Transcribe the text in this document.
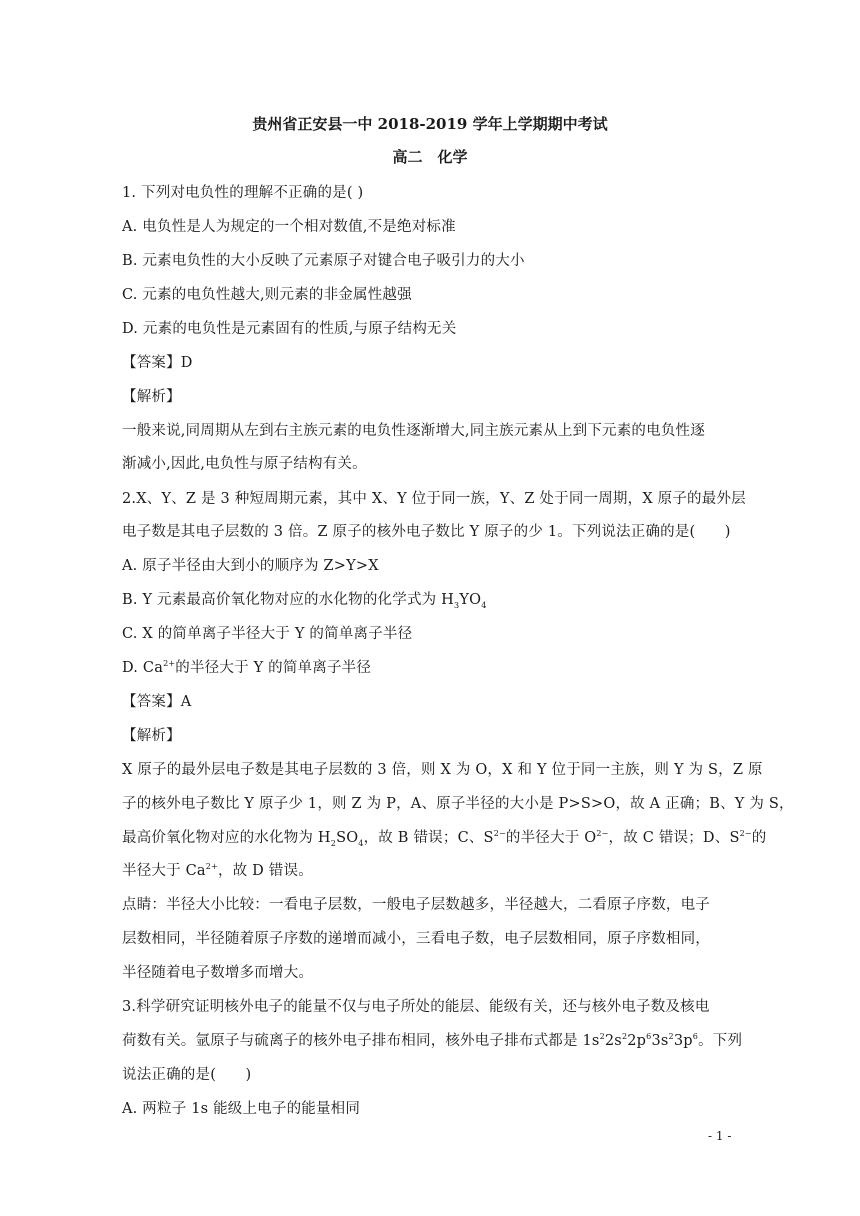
贵州省正安县一中 2018-2019 学年上学期期中考试
高二　化学
1. 下列对电负性的理解不正确的是( )
A. 电负性是人为规定的一个相对数值,不是绝对标准
B. 元素电负性的大小反映了元素原子对键合电子吸引力的大小
C. 元素的电负性越大,则元素的非金属性越强
D. 元素的电负性是元素固有的性质,与原子结构无关
【答案】D
【解析】
一般来说,同周期从左到右主族元素的电负性逐渐增大,同主族元素从上到下元素的电负性逐
渐减小,因此,电负性与原子结构有关。
2.X、Y、Z 是 3 种短周期元素，其中 X、Y 位于同一族，Y、Z 处于同一周期，X 原子的最外层
电子数是其电子层数的 3 倍。Z 原子的核外电子数比 Y 原子的少 1。下列说法正确的是(　　)
A. 原子半径由大到小的顺序为 Z>Y>X
B. Y 元素最高价氧化物对应的水化物的化学式为 $H_3YO_4$
C. X 的简单离子半径大于 Y 的简单离子半径
D. $Ca^{2+}$的半径大于 Y 的简单离子半径
【答案】A
【解析】
X 原子的最外层电子数是其电子层数的 3 倍，则 X 为 O，X 和 Y 位于同一主族，则 Y 为 S，Z 原
子的核外电子数比 Y 原子少 1，则 Z 为 P，A、原子半径的大小是 P>S>O，故 A 正确；B、Y 为 S，
最高价氧化物对应的水化物为 $H_2SO_4$，故 B 错误；C、$S^{2-}$的半径大于 $O^{2-}$，故 C 错误；D、$S^{2-}$的
半径大于 $Ca^{2+}$，故 D 错误。
点睛：半径大小比较：一看电子层数，一般电子层数越多，半径越大，二看原子序数，电子
层数相同，半径随着原子序数的递增而减小，三看电子数，电子层数相同，原子序数相同，
半径随着电子数增多而增大。
3.科学研究证明核外电子的能量不仅与电子所处的能层、能级有关，还与核外电子数及核电
荷数有关。氩原子与硫离子的核外电子排布相同，核外电子排布式都是 $1s^22s^22p^63s^23p^6$。下列
说法正确的是(　　)
A. 两粒子 1s 能级上电子的能量相同
- 1 -
